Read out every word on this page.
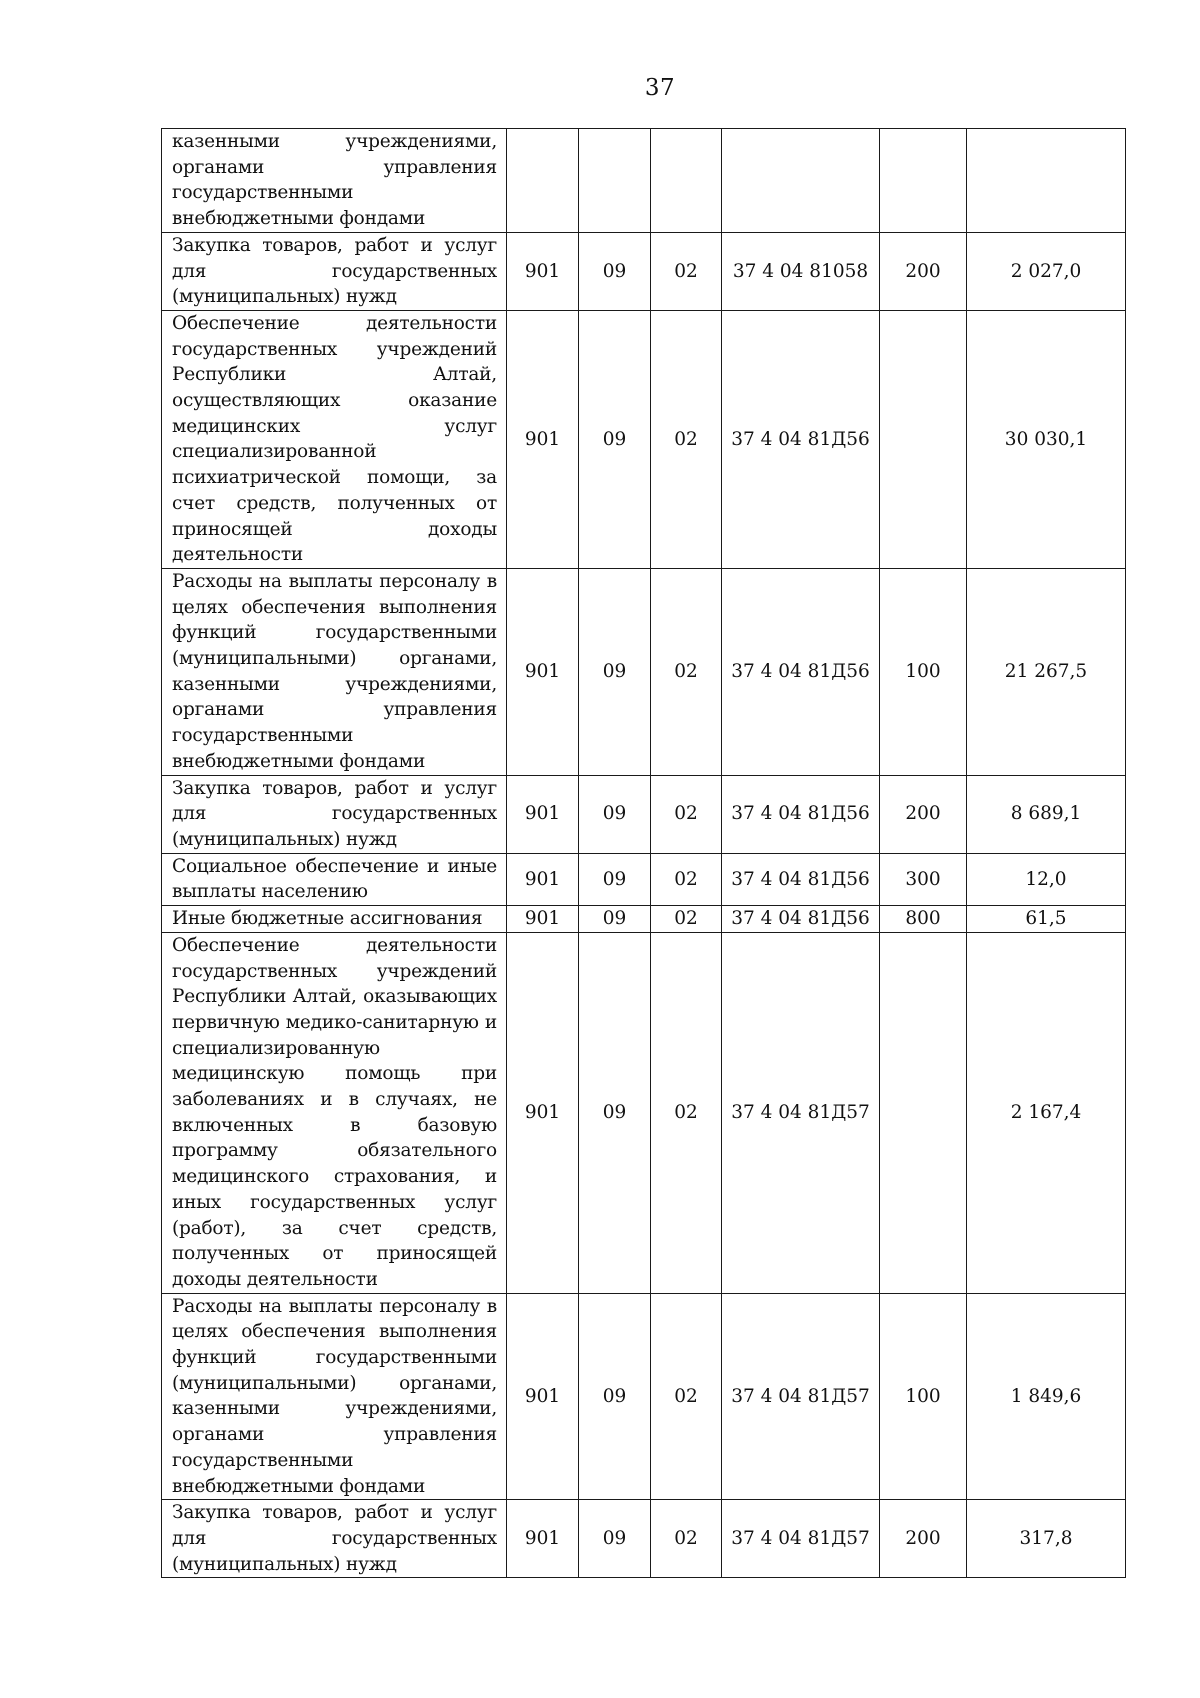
37
казенными учреждениями, органами управления государственными внебюджетными фондами						
Закупка товаров, работ и услуг для государственных (муниципальных) нужд	901	09	02	37 4 04 81058	200	2 027,0
Обеспечение деятельности государственных учреждений Республики Алтай, осуществляющих оказание медицинских услуг специализированной психиатрической помощи, за счет средств, полученных от приносящей доходы деятельности	901	09	02	37 4 04 81Д56		30 030,1
Расходы на выплаты персоналу в целях обеспечения выполнения функций государственными (муниципальными) органами, казенными учреждениями, органами управления государственными внебюджетными фондами	901	09	02	37 4 04 81Д56	100	21 267,5
Закупка товаров, работ и услуг для государственных (муниципальных) нужд	901	09	02	37 4 04 81Д56	200	8 689,1
Социальное обеспечение и иные выплаты населению	901	09	02	37 4 04 81Д56	300	12,0
Иные бюджетные ассигнования	901	09	02	37 4 04 81Д56	800	61,5
Обеспечение деятельности государственных учреждений Республики Алтай, оказывающих первичную медико-санитарную и специализированную медицинскую помощь при заболеваниях и в случаях, не включенных в базовую программу обязательного медицинского страхования, и иных государственных услуг (работ), за счет средств, полученных от приносящей доходы деятельности	901	09	02	37 4 04 81Д57		2 167,4
Расходы на выплаты персоналу в целях обеспечения выполнения функций государственными (муниципальными) органами, казенными учреждениями, органами управления государственными внебюджетными фондами	901	09	02	37 4 04 81Д57	100	1 849,6
Закупка товаров, работ и услуг для государственных (муниципальных) нужд	901	09	02	37 4 04 81Д57	200	317,8
